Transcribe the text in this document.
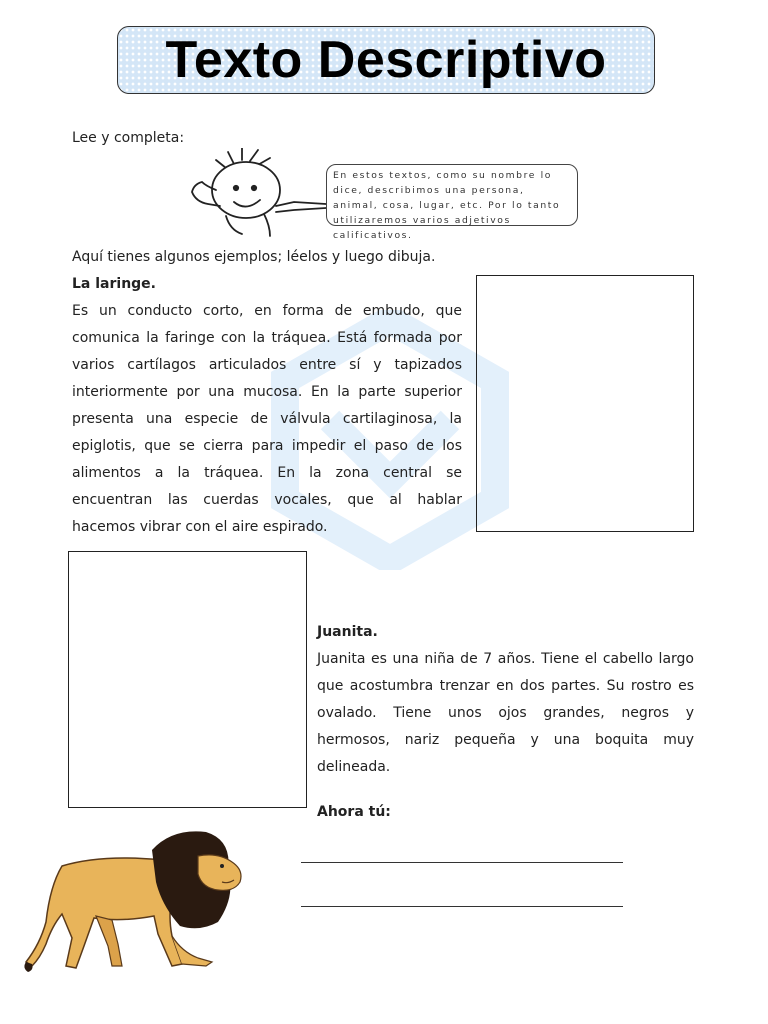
Texto Descriptivo
Lee y completa:
En estos textos, como su nombre lo dice, describimos una persona, animal, cosa, lugar, etc. Por lo tanto utilizaremos varios adjetivos calificativos.
Aquí tienes algunos ejemplos; léelos y luego dibuja.
La laringe.
Es un conducto corto, en forma de embudo, que comunica la faringe con la tráquea. Está formada por varios cartílagos articulados entre sí y tapizados interiormente por una mucosa. En la parte superior presenta una especie de válvula cartilaginosa, la epiglotis, que se cierra para impedir el paso de los alimentos a la tráquea. En la zona central se encuentran las cuerdas vocales, que al hablar hacemos vibrar con el aire espirado.
Juanita.
Juanita es una niña de 7 años. Tiene el cabello largo que acostumbra trenzar en dos partes. Su rostro es ovalado. Tiene unos ojos grandes, negros y hermosos, nariz pequeña y una boquita muy delineada.
Ahora tú:
